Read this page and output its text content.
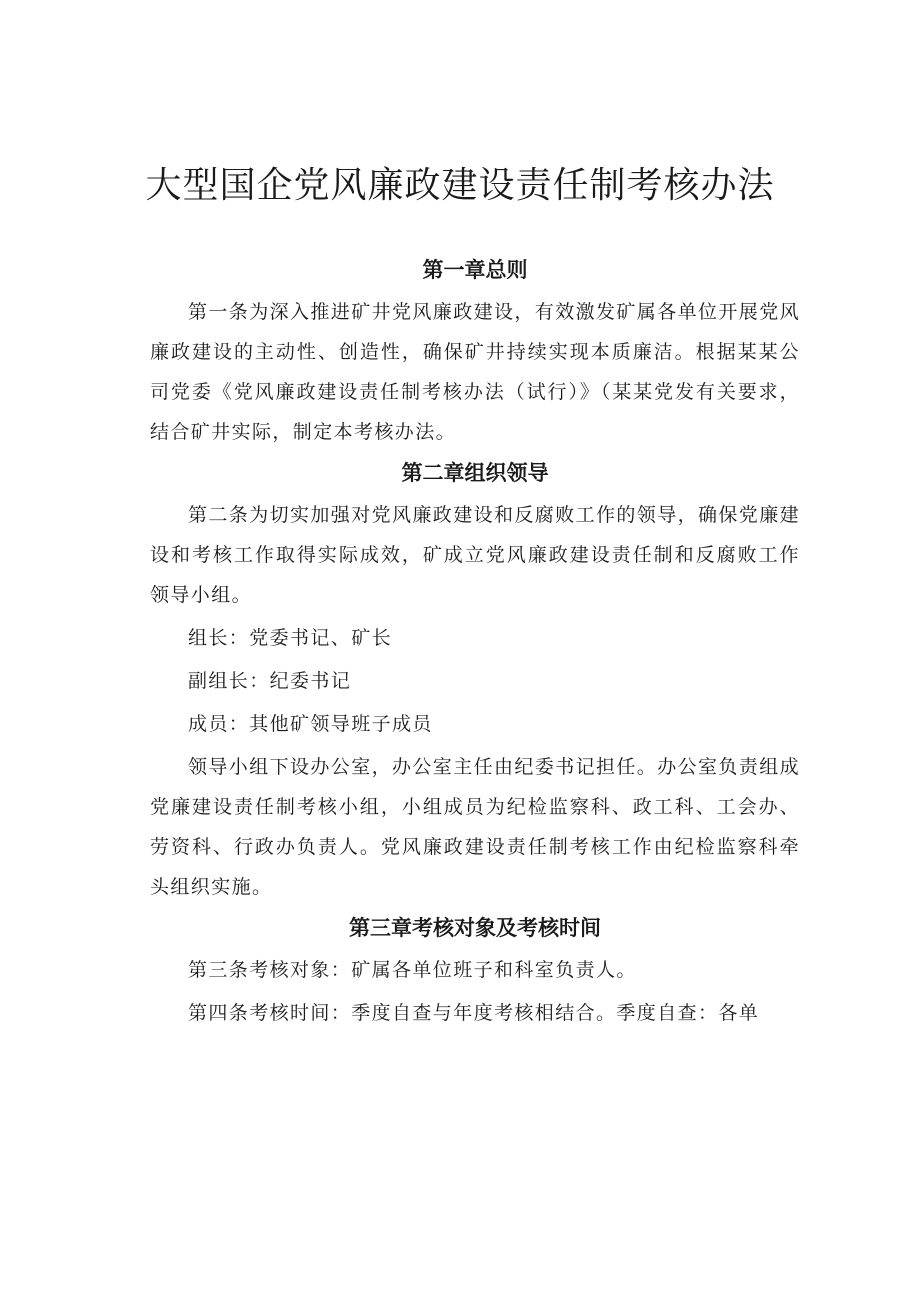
大型国企党风廉政建设责任制考核办法
第一章总则

第一条为深入推进矿井党风廉政建设，有效激发矿属各单位开展党风廉政建设的主动性、创造性，确保矿井持续实现本质廉洁。根据某某公司党委《党风廉政建设责任制考核办法（试行）》（某某党发有关要求，结合矿井实际，制定本考核办法。

第二章组织领导

第二条为切实加强对党风廉政建设和反腐败工作的领导，确保党廉建设和考核工作取得实际成效，矿成立党风廉政建设责任制和反腐败工作领导小组。

组长：党委书记、矿长

副组长：纪委书记

成员：其他矿领导班子成员

领导小组下设办公室，办公室主任由纪委书记担任。办公室负责组成党廉建设责任制考核小组，小组成员为纪检监察科、政工科、工会办、劳资科、行政办负责人。党风廉政建设责任制考核工作由纪检监察科牵头组织实施。

第三章考核对象及考核时间

第三条考核对象：矿属各单位班子和科室负责人。

第四条考核时间：季度自查与年度考核相结合。季度自查：各单
